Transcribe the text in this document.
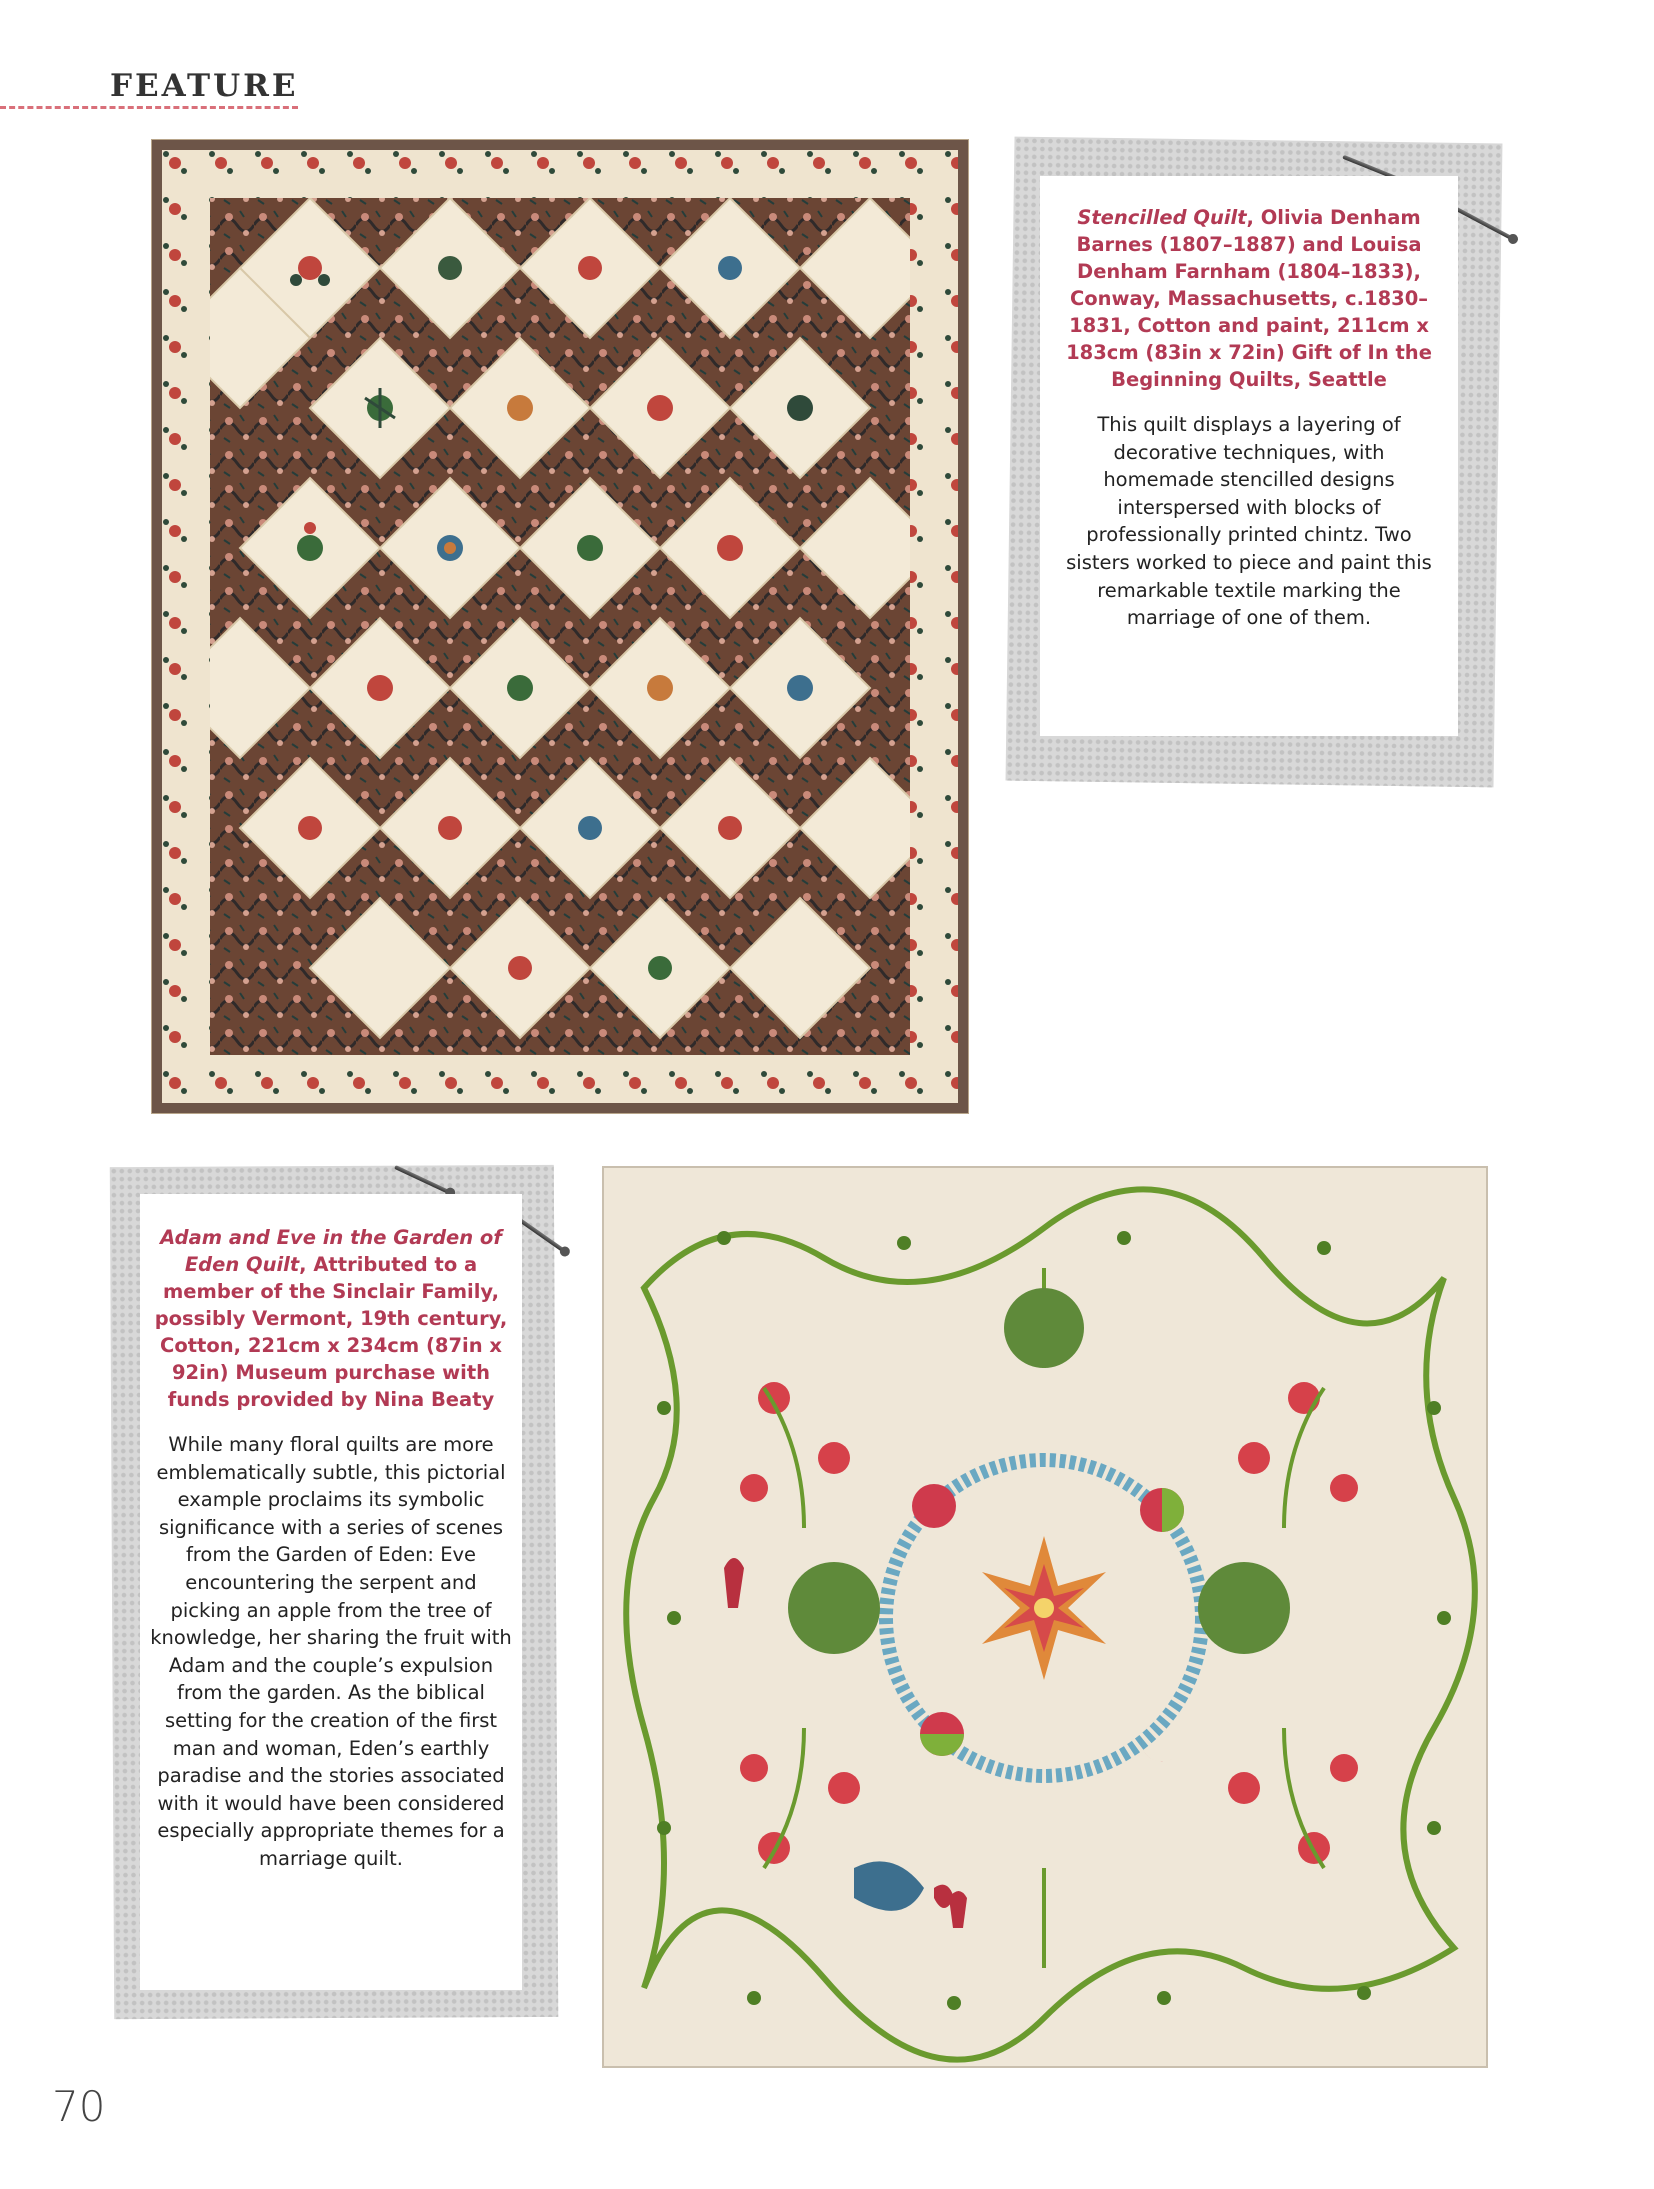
FEATURE

Stencilled Quilt, Olivia Denham Barnes (1807–1887) and Louisa Denham Farnham (1804–1833), Conway, Massachusetts, c.1830–1831, Cotton and paint, 211cm x 183cm (83in x 72in) Gift of In the Beginning Quilts, Seattle

This quilt displays a layering of decorative techniques, with homemade stencilled designs interspersed with blocks of professionally printed chintz. Two sisters worked to piece and paint this remarkable textile marking the marriage of one of them.

Adam and Eve in the Garden of Eden Quilt, Attributed to a member of the Sinclair Family, possibly Vermont, 19th century, Cotton, 221cm x 234cm (87in x 92in) Museum purchase with funds provided by Nina Beaty

While many floral quilts are more emblematically subtle, this pictorial example proclaims its symbolic significance with a series of scenes from the Garden of Eden: Eve encountering the serpent and picking an apple from the tree of knowledge, her sharing the fruit with Adam and the couple’s expulsion from the garden. As the biblical setting for the creation of the first man and woman, Eden’s earthly paradise and the stories associated with it would have been considered especially appropriate themes for a marriage quilt.

70
